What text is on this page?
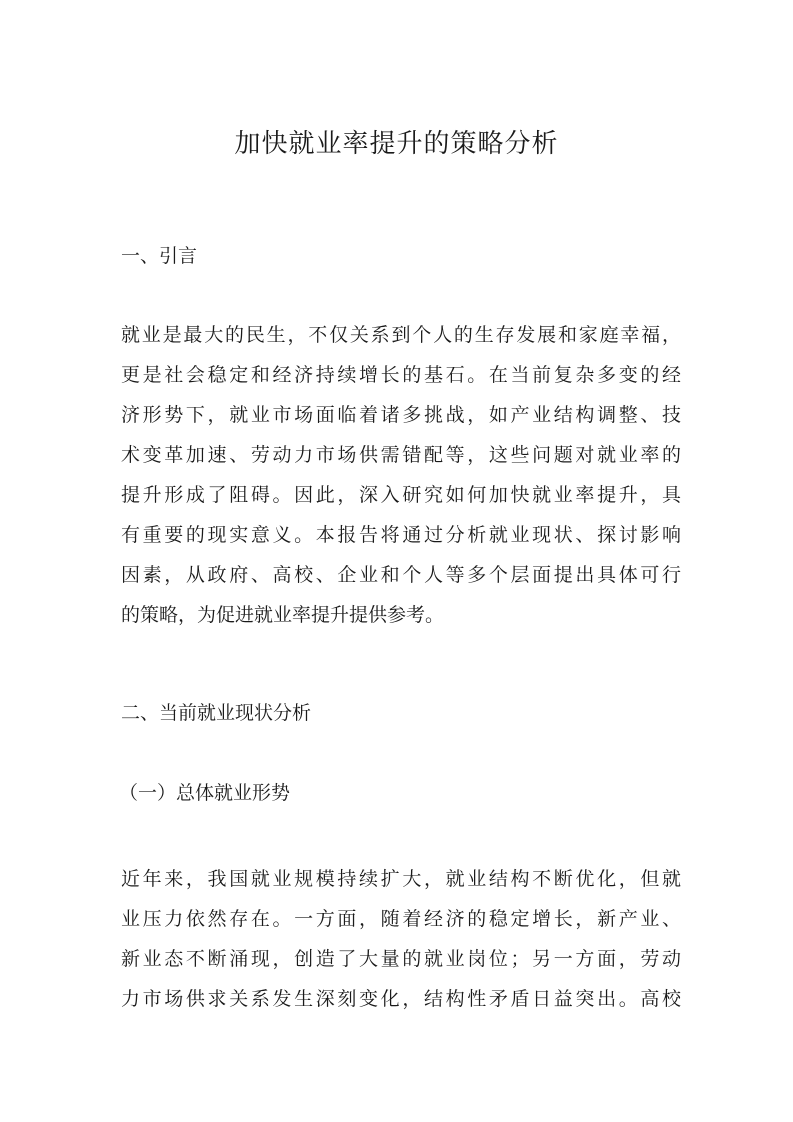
加快就业率提升的策略分析
一、引言
就业是最大的民生，不仅关系到个人的生存发展和家庭幸福，
更是社会稳定和经济持续增长的基石。在当前复杂多变的经
济形势下，就业市场面临着诸多挑战，如产业结构调整、技
术变革加速、劳动力市场供需错配等，这些问题对就业率的
提升形成了阻碍。因此，深入研究如何加快就业率提升，具
有重要的现实意义。本报告将通过分析就业现状、探讨影响
因素，从政府、高校、企业和个人等多个层面提出具体可行
的策略，为促进就业率提升提供参考。
二、当前就业现状分析
（一）总体就业形势
近年来，我国就业规模持续扩大，就业结构不断优化，但就
业压力依然存在。一方面，随着经济的稳定增长，新产业、
新业态不断涌现，创造了大量的就业岗位；另一方面，劳动
力市场供求关系发生深刻变化，结构性矛盾日益突出。高校
